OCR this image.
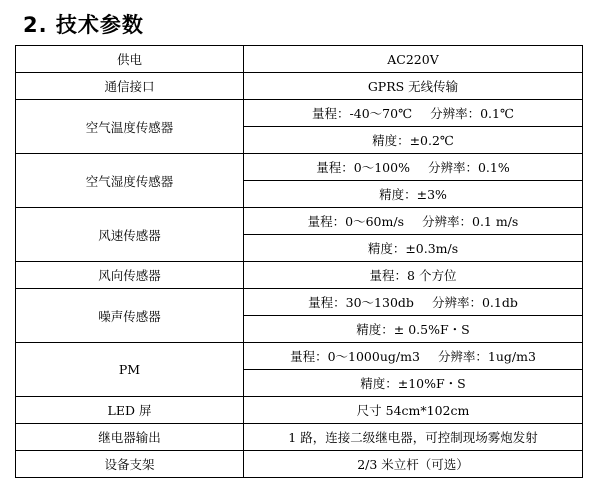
2. 技术参数
供电	AC220V
通信接口	GPRS 无线传输
空气温度传感器	量程：-40～70℃ 分辨率：0.1℃
	精度：±0.2℃
空气湿度传感器	量程：0～100% 分辨率：0.1%
	精度：±3%
风速传感器	量程：0～60m/s 分辨率：0.1 m/s
	精度：±0.3m/s
风向传感器	量程：8 个方位
噪声传感器	量程：30～130db 分辨率：0.1db
	精度：± 0.5%F・S
PM	量程：0～1000ug/m3 分辨率：1ug/m3
	精度：±10%F・S
LED 屏	尺寸 54cm*102cm
继电器输出	1 路，连接二级继电器，可控制现场雾炮发射
设备支架	2/3 米立杆（可选）
